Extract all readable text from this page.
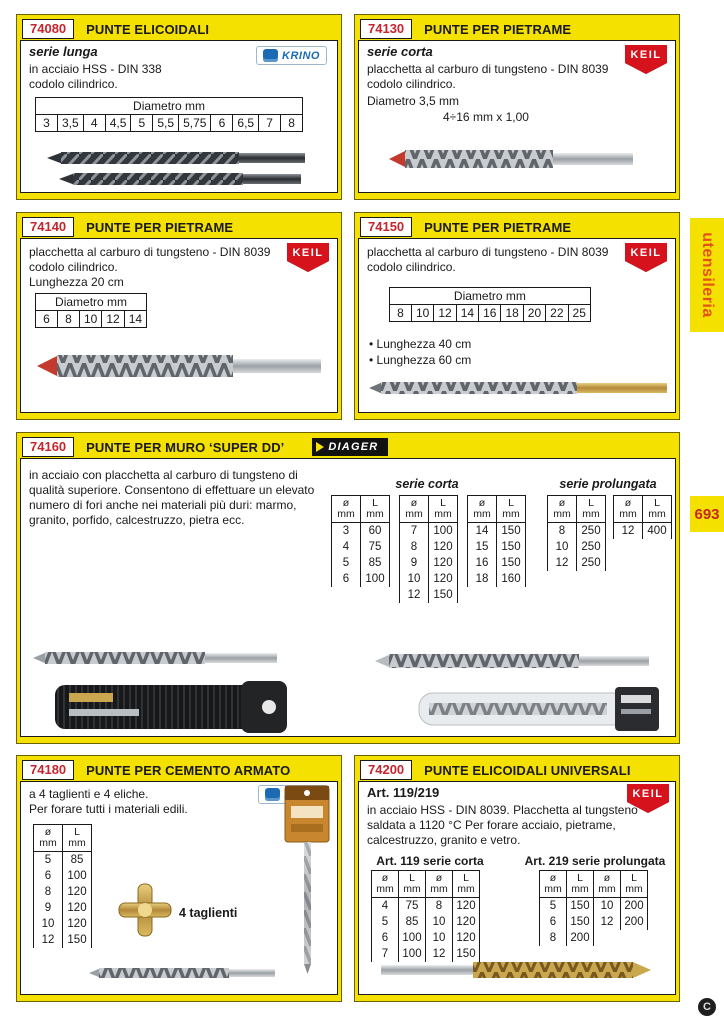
74080	PUNTE ELICOIDALI
serie lunga
in acciaio HSS - DIN 338
codolo cilindrico.
KRINO
Diametro mm
3	3,5	4	4,5	5	5,5	5,75	6	6,5	7	8
74130	PUNTE PER PIETRAME
serie corta
placchetta al carburo di tungsteno - DIN 8039
codolo cilindrico.
Diametro 3,5 mm
4÷16 mm x 1,00
KEIL
74140	PUNTE PER PIETRAME
placchetta al carburo di tungsteno - DIN 8039
codolo cilindrico.
Lunghezza 20 cm
KEIL
Diametro mm
6	8	10	12	14
74150	PUNTE PER PIETRAME
placchetta al carburo di tungsteno - DIN 8039
codolo cilindrico.
KEIL
Diametro mm
8	10	12	14	16	18	20	22	25
• Lunghezza 40 cm
• Lunghezza 60 cm
74160	PUNTE PER MURO ‘SUPER DD’	DIAGER
in acciaio con placchetta al carburo di tungsteno di qualità superiore. Consentono di effettuare un elevato numero di fori anche nei materiali più duri: marmo, granito, porfido, calcestruzzo, pietra ecc.
serie corta
ø
mm	L
mm
3	60
4	75
5	85
6	100
ø
mm	L
mm
7	100
8	120
9	120
10	120
12	150
ø
mm	L
mm
14	150
15	150
16	150
18	160
serie prolungata
ø
mm	L
mm
8	250
10	250
12	250
ø
mm	L
mm
12	400
74180	PUNTE PER CEMENTO ARMATO
a 4 taglienti e 4 eliche.
Per forare tutti i materiali edili.
ø
mm	L
mm
5	85
6	100
8	120
9	120
10	120
12	150
4 taglienti
74200	PUNTE ELICOIDALI UNIVERSALI
Art. 119/219
in acciaio HSS - DIN 8039. Placchetta al tungsteno saldata a 1120 °C Per forare acciaio, pietrame, calcestruzzo, granito e vetro.
KEIL
Art. 119 serie corta
ø
mm	L
mm	ø
mm	L
mm
4	75	8	120
5	85	10	120
6	100	10	120
7	100	12	150
Art. 219 serie prolungata
ø
mm	L
mm	ø
mm	L
mm
5	150	10	200
6	150	12	200
8	200		
utensileria
693
C
